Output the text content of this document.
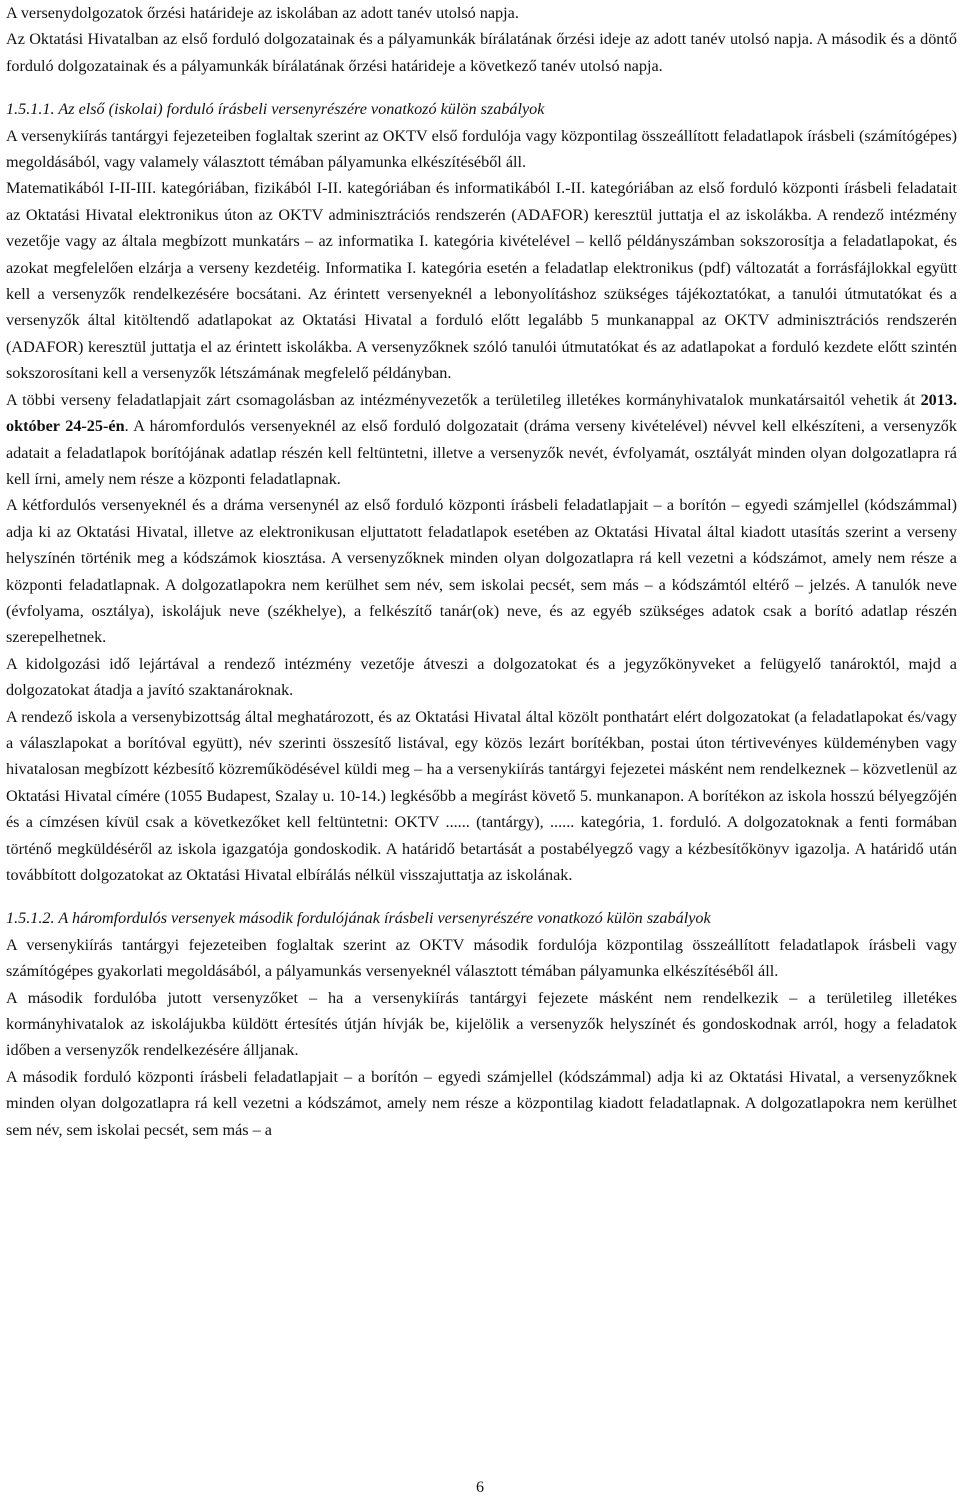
A versenydolgozatok őrzési határideje az iskolában az adott tanév utolsó napja.

Az Oktatási Hivatalban az első forduló dolgozatainak és a pályamunkák bírálatának őrzési ideje az adott tanév utolsó napja. A második és a döntő forduló dolgozatainak és a pályamunkák bírálatának őrzési határideje a következő tanév utolsó napja.

1.5.1.1. Az első (iskolai) forduló írásbeli versenyrészére vonatkozó külön szabályok

A versenykiírás tantárgyi fejezeteiben foglaltak szerint az OKTV első fordulója vagy központilag összeállított feladatlapok írásbeli (számítógépes) megoldásából, vagy valamely választott témában pályamunka elkészítéséből áll.

Matematikából I-II-III. kategóriában, fizikából I-II. kategóriában és informatikából I.-II. kategóriában az első forduló központi írásbeli feladatait az Oktatási Hivatal elektronikus úton az OKTV adminisztrációs rendszerén (ADAFOR) keresztül juttatja el az iskolákba. A rendező intézmény vezetője vagy az általa megbízott munkatárs – az informatika I. kategória kivételével – kellő példányszámban sokszorosítja a feladatlapokat, és azokat megfelelően elzárja a verseny kezdetéig. Informatika I. kategória esetén a feladatlap elektronikus (pdf) változatát a forrásfájlokkal együtt kell a versenyzők rendelkezésére bocsátani. Az érintett versenyeknél a lebonyolításhoz szükséges tájékoztatókat, a tanulói útmutatókat és a versenyzők által kitöltendő adatlapokat az Oktatási Hivatal a forduló előtt legalább 5 munkanappal az OKTV adminisztrációs rendszerén (ADAFOR) keresztül juttatja el az érintett iskolákba. A versenyzőknek szóló tanulói útmutatókat és az adatlapokat a forduló kezdete előtt szintén sokszorosítani kell a versenyzők létszámának megfelelő példányban.

A többi verseny feladatlapjait zárt csomagolásban az intézményvezetők a területileg illetékes kormányhivatalok munkatársaitól vehetik át 2013. október 24-25-én. A háromfordulós versenyeknél az első forduló dolgozatait (dráma verseny kivételével) névvel kell elkészíteni, a versenyzők adatait a feladatlapok borítójának adatlap részén kell feltüntetni, illetve a versenyzők nevét, évfolyamát, osztályát minden olyan dolgozatlapra rá kell írni, amely nem része a központi feladatlapnak.

A kétfordulós versenyeknél és a dráma versenynél az első forduló központi írásbeli feladatlapjait – a borítón – egyedi számjellel (kódszámmal) adja ki az Oktatási Hivatal, illetve az elektronikusan eljuttatott feladatlapok esetében az Oktatási Hivatal által kiadott utasítás szerint a verseny helyszínén történik meg a kódszámok kiosztása. A versenyzőknek minden olyan dolgozatlapra rá kell vezetni a kódszámot, amely nem része a központi feladatlapnak. A dolgozatlapokra nem kerülhet sem név, sem iskolai pecsét, sem más – a kódszámtól eltérő – jelzés. A tanulók neve (évfolyama, osztálya), iskolájuk neve (székhelye), a felkészítő tanár(ok) neve, és az egyéb szükséges adatok csak a borító adatlap részén szerepelhetnek.

A kidolgozási idő lejártával a rendező intézmény vezetője átveszi a dolgozatokat és a jegyzőkönyveket a felügyelő tanároktól, majd a dolgozatokat átadja a javító szaktanároknak.

A rendező iskola a versenybizottság által meghatározott, és az Oktatási Hivatal által közölt ponthatárt elért dolgozatokat (a feladatlapokat és/vagy a válaszlapokat a borítóval együtt), név szerinti összesítő listával, egy közös lezárt borítékban, postai úton tértivevényes küldeményben vagy hivatalosan megbízott kézbesítő közreműködésével küldi meg – ha a versenykiírás tantárgyi fejezetei másként nem rendelkeznek – közvetlenül az Oktatási Hivatal címére (1055 Budapest, Szalay u. 10-14.) legkésőbb a megírást követő 5. munkanapon. A borítékon az iskola hosszú bélyegzőjén és a címzésen kívül csak a következőket kell feltüntetni: OKTV ...... (tantárgy), ...... kategória, 1. forduló. A dolgozatoknak a fenti formában történő megküldéséről az iskola igazgatója gondoskodik. A határidő betartását a postabélyegző vagy a kézbesítőkönyv igazolja. A határidő után továbbított dolgozatokat az Oktatási Hivatal elbírálás nélkül visszajuttatja az iskolának.

1.5.1.2. A háromfordulós versenyek második fordulójának írásbeli versenyrészére vonatkozó külön szabályok

A versenykiírás tantárgyi fejezeteiben foglaltak szerint az OKTV második fordulója központilag összeállított feladatlapok írásbeli vagy számítógépes gyakorlati megoldásából, a pályamunkás versenyeknél választott témában pályamunka elkészítéséből áll.

A második fordulóba jutott versenyzőket – ha a versenykiírás tantárgyi fejezete másként nem rendelkezik – a területileg illetékes kormányhivatalok az iskolájukba küldött értesítés útján hívják be, kijelölik a versenyzők helyszínét és gondoskodnak arról, hogy a feladatok időben a versenyzők rendelkezésére álljanak.

A második forduló központi írásbeli feladatlapjait – a borítón – egyedi számjellel (kódszámmal) adja ki az Oktatási Hivatal, a versenyzőknek minden olyan dolgozatlapra rá kell vezetni a kódszámot, amely nem része a központilag kiadott feladatlapnak. A dolgozatlapokra nem kerülhet sem név, sem iskolai pecsét, sem más – a

6
